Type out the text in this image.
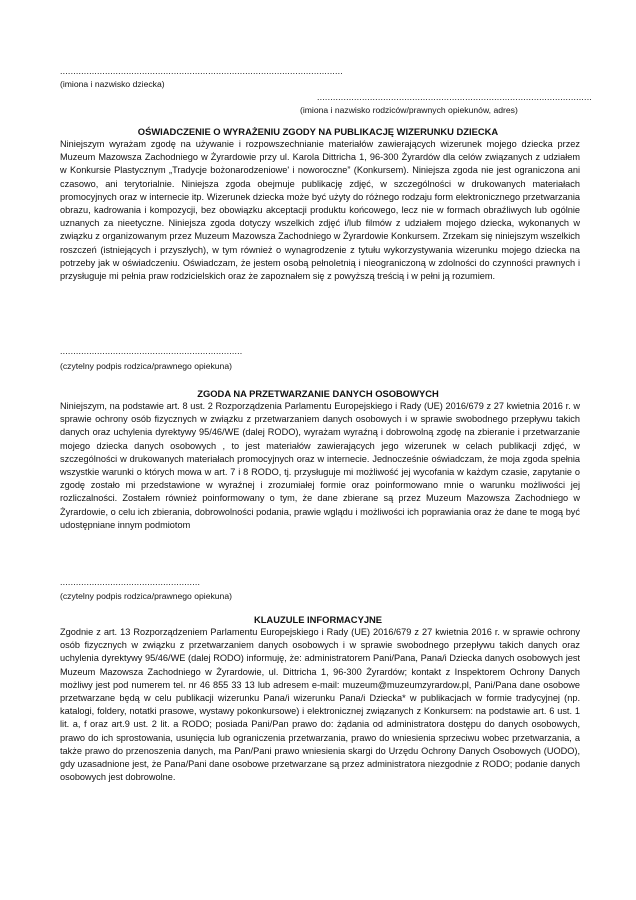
...........................................................................................................
(imiona i nazwisko dziecka)
........................................................................................................
(imiona i nazwisko rodziców/prawnych opiekunów, adres)
OŚWIADCZENIE O WYRAŻENIU ZGODY NA PUBLIKACJĘ WIZERUNKU DZIECKA

Niniejszym wyrażam zgodę na używanie i rozpowszechnianie materiałów zawierających wizerunek mojego dziecka przez Muzeum Mazowsza Zachodniego w Żyrardowie przy ul. Karola Dittricha 1, 96-300 Żyrardów dla celów związanych z udziałem w Konkursie Plastycznym „Tradycje bożonarodzeniowe' i noworoczne” (Konkursem). Niniejsza zgoda nie jest ograniczona ani czasowo, ani terytorialnie. Niniejsza zgoda obejmuje publikację zdjęć, w szczególności w drukowanych materiałach promocyjnych oraz w internecie itp. Wizerunek dziecka może być użyty do różnego rodzaju form elektronicznego przetwarzania obrazu, kadrowania i kompozycji, bez obowiązku akceptacji produktu końcowego, lecz nie w formach obraźliwych lub ogólnie uznanych za nieetyczne. Niniejsza zgoda dotyczy wszelkich zdjęć i/lub filmów z udziałem mojego dziecka, wykonanych w związku z organizowanym przez Muzeum Mazowsza Zachodniego w Żyrardowie Konkursem. Zrzekam się niniejszym wszelkich roszczeń (istniejących i przyszłych), w tym również o wynagrodzenie z tytułu wykorzystywania wizerunku mojego dziecka na potrzeby jak w oświadczeniu. Oświadczam, że jestem osobą pełnoletnią i nieograniczoną w zdolności do czynności prawnych i przysługuje mi pełnia praw rodzicielskich oraz że zapoznałem się z powyższą treścią i w pełni ją rozumiem.

.....................................................................
(czytelny podpis rodzica/prawnego opiekuna)
ZGODA NA PRZETWARZANIE DANYCH OSOBOWYCH

Niniejszym, na podstawie art. 8 ust. 2 Rozporządzenia Parlamentu Europejskiego i Rady (UE) 2016/679 z 27 kwietnia 2016 r. w sprawie ochrony osób fizycznych w związku z przetwarzaniem danych osobowych i w sprawie swobodnego przepływu takich danych oraz uchylenia dyrektywy 95/46/WE (dalej RODO), wyrażam wyraźną i dobrowolną zgodę na zbieranie i przetwarzanie mojego dziecka danych osobowych , to jest materiałów zawierających jego wizerunek w celach publikacji zdjęć, w szczególności w drukowanych materiałach promocyjnych oraz w internecie. Jednocześnie oświadczam, że moja zgoda spełnia wszystkie warunki o których mowa w art. 7 i 8 RODO, tj. przysługuje mi możliwość jej wycofania w każdym czasie, zapytanie o zgodę zostało mi przedstawione w wyraźnej i zrozumiałej formie oraz poinformowano mnie o warunku możliwości jej rozliczalności. Zostałem również poinformowany o tym, że dane zbierane są przez Muzeum Mazowsza Zachodniego w Żyrardowie, o celu ich zbierania, dobrowolności podania, prawie wglądu i możliwości ich poprawiania oraz że dane te mogą być udostępniane innym podmiotom

.....................................................
(czytelny podpis rodzica/prawnego opiekuna)
KLAUZULE INFORMACYJNE

Zgodnie z art. 13 Rozporządzeniem Parlamentu Europejskiego i Rady (UE) 2016/679 z 27 kwietnia 2016 r. w sprawie ochrony osób fizycznych w związku z przetwarzaniem danych osobowych i w sprawie swobodnego przepływu takich danych oraz uchylenia dyrektywy 95/46/WE (dalej RODO) informuję, że: administratorem Pani/Pana, Pana/i Dziecka danych osobowych jest Muzeum Mazowsza Zachodniego w Żyrardowie, ul. Dittricha 1, 96-300 Żyrardów; kontakt z Inspektorem Ochrony Danych możliwy jest pod numerem tel. nr 46 855 33 13 lub adresem e-mail: muzeum@muzeumzyrardow.pl, Pani/Pana dane osobowe przetwarzane będą w celu publikacji wizerunku Pana/i wizerunku Pana/i Dziecka* w publikacjach w formie tradycyjnej (np. katalogi, foldery, notatki prasowe, wystawy pokonkursowe) i elektronicznej związanych z Konkursem: na podstawie art. 6 ust. 1 lit. a, f oraz art.9 ust. 2 lit. a RODO; posiada Pani/Pan prawo do: żądania od administratora dostępu do danych osobowych, prawo do ich sprostowania, usunięcia lub ograniczenia przetwarzania, prawo do wniesienia sprzeciwu wobec przetwarzania, a także prawo do przenoszenia danych, ma Pan/Pani prawo wniesienia skargi do Urzędu Ochrony Danych Osobowych (UODO), gdy uzasadnione jest, że Pana/Pani dane osobowe przetwarzane są przez administratora niezgodnie z RODO; podanie danych osobowych jest dobrowolne.
